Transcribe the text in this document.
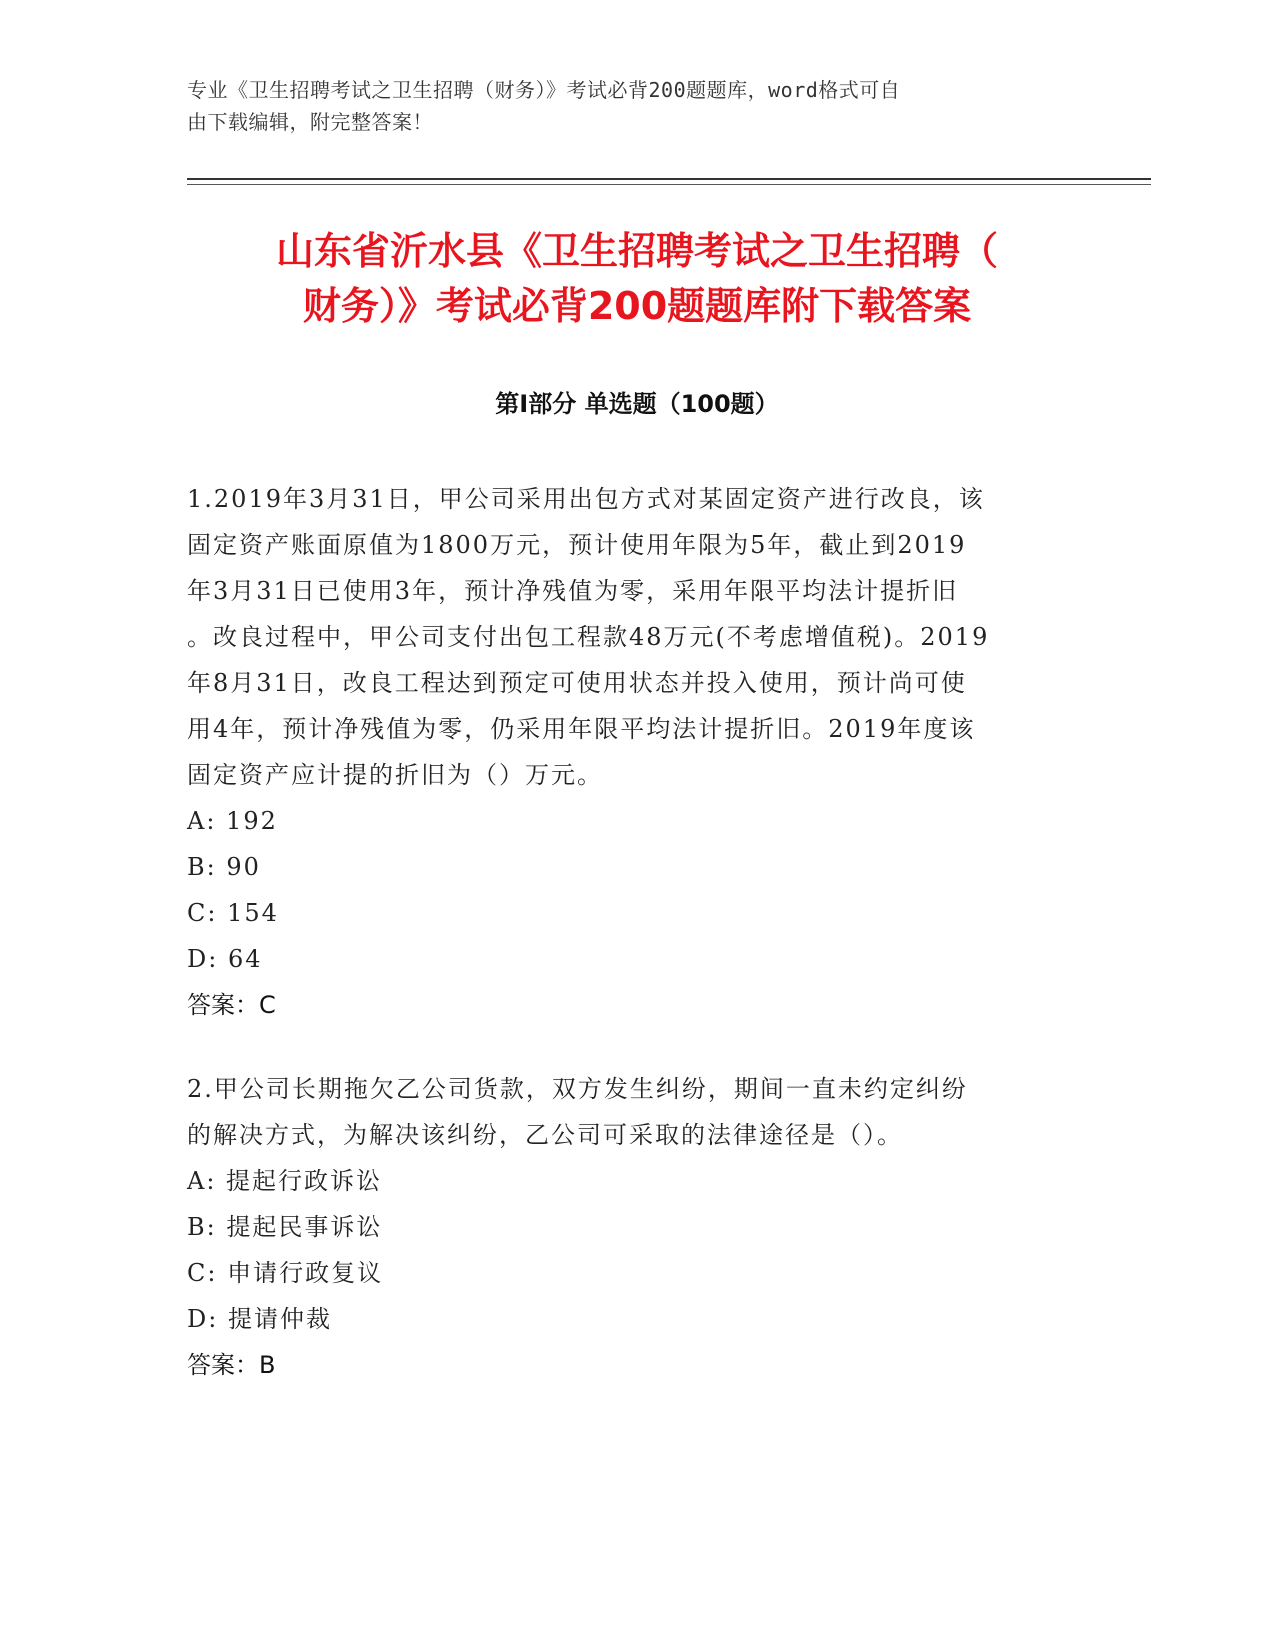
专业《卫生招聘考试之卫生招聘（财务）》考试必背200题题库，word格式可自
由下载编辑，附完整答案！
山东省沂水县《卫生招聘考试之卫生招聘（
财务）》考试必背200题题库附下载答案
第I部分 单选题（100题）
1.2019年3月31日，甲公司采用出包方式对某固定资产进行改良，该
固定资产账面原值为1800万元，预计使用年限为5年，截止到2019
年3月31日已使用3年，预计净残值为零，采用年限平均法计提折旧
。改良过程中，甲公司支付出包工程款48万元(不考虑增值税)。2019
年8月31日，改良工程达到预定可使用状态并投入使用，预计尚可使
用4年，预计净残值为零，仍采用年限平均法计提折旧。2019年度该
固定资产应计提的折旧为（）万元。
A: 192
B: 90
C: 154
D: 64
答案：C
2.甲公司长期拖欠乙公司货款，双方发生纠纷，期间一直未约定纠纷
的解决方式，为解决该纠纷，乙公司可采取的法律途径是（）。
A: 提起行政诉讼
B: 提起民事诉讼
C: 申请行政复议
D: 提请仲裁
答案：B
